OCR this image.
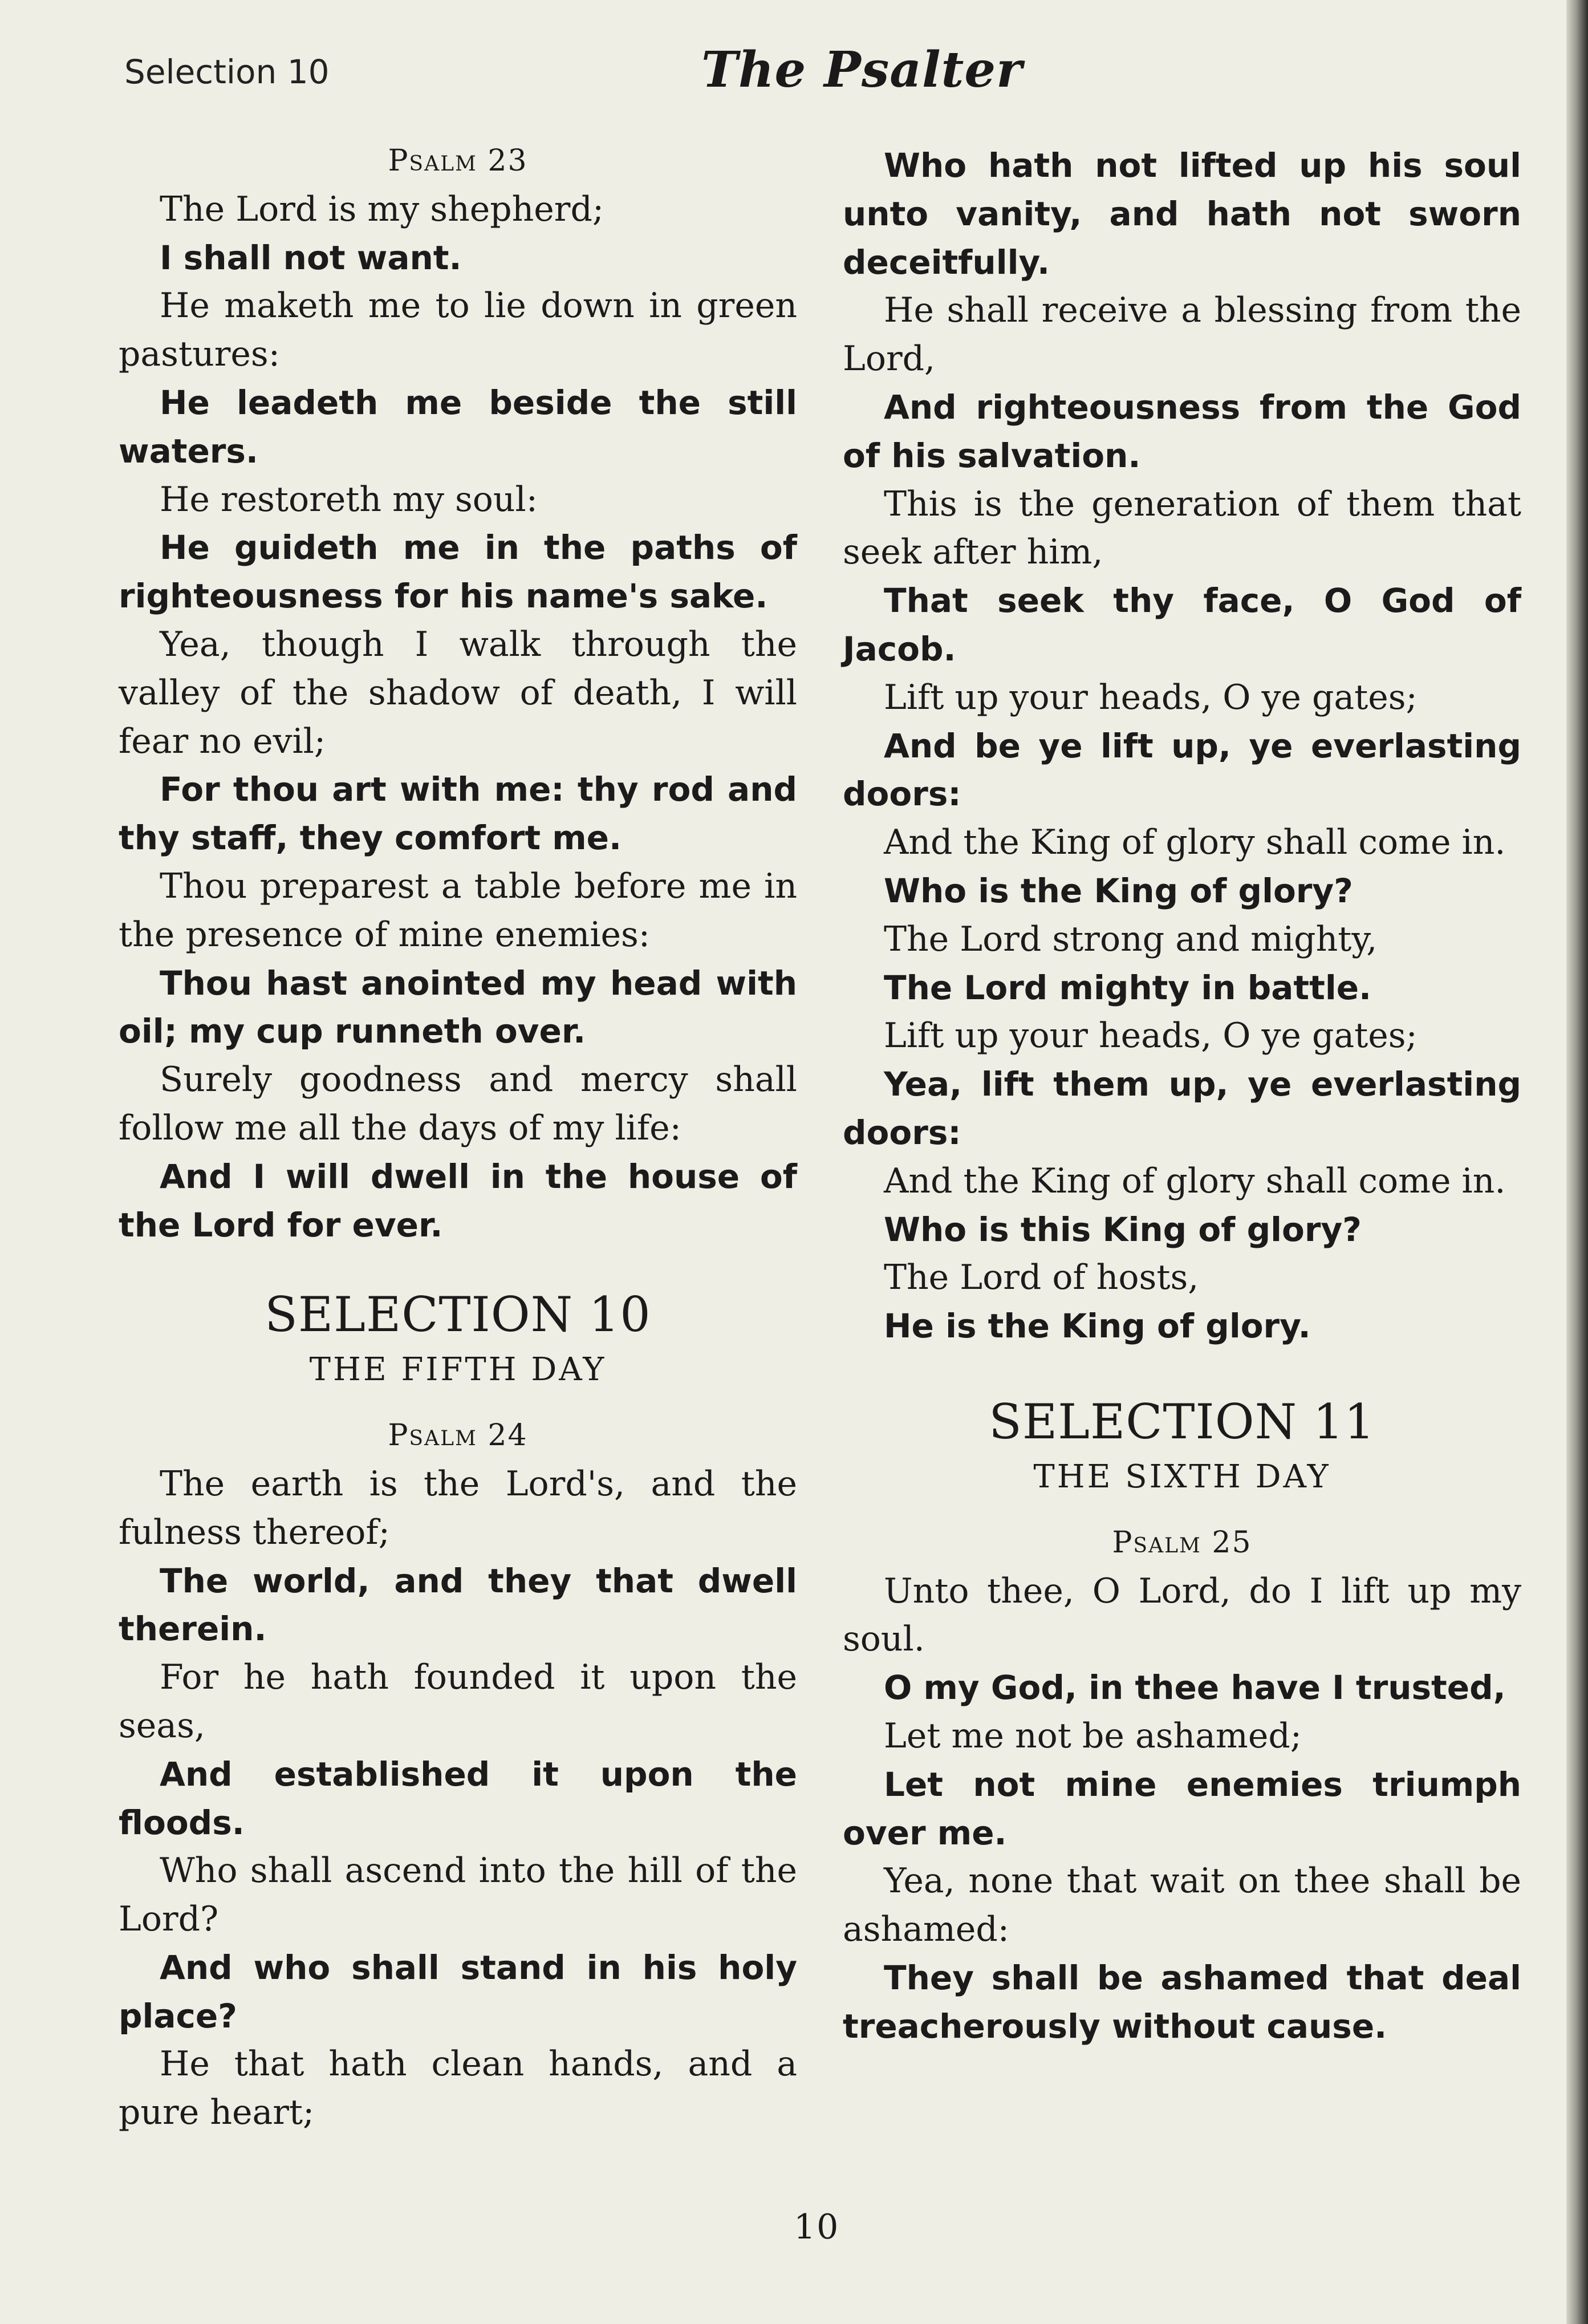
Selection 10	The Psalter
Psalm 23

The Lord is my shepherd;

I shall not want.

He maketh me to lie down in green pastures:

He leadeth me beside the still waters.

He restoreth my soul:

He guideth me in the paths of righteousness for his name's sake.

Yea, though I walk through the valley of the shadow of death, I will fear no evil;

For thou art with me: thy rod and thy staff, they comfort me.

Thou preparest a table before me in the presence of mine enemies:

Thou hast anointed my head with oil; my cup runneth over.

Surely goodness and mercy shall follow me all the days of my life:

And I will dwell in the house of the Lord for ever.

SELECTION 10
THE FIFTH DAY
Psalm 24

The earth is the Lord's, and the fulness thereof;

The world, and they that dwell therein.

For he hath founded it upon the seas,

And established it upon the floods.

Who shall ascend into the hill of the Lord?

And who shall stand in his holy place?

He that hath clean hands, and a pure heart;

Who hath not lifted up his soul unto vanity, and hath not sworn deceitfully.

He shall receive a blessing from the Lord,

And righteousness from the God of his salvation.

This is the generation of them that seek after him,

That seek thy face, O God of Jacob.

Lift up your heads, O ye gates;

And be ye lift up, ye everlasting doors:

And the King of glory shall come in.

Who is the King of glory?

The Lord strong and mighty,

The Lord mighty in battle.

Lift up your heads, O ye gates;

Yea, lift them up, ye everlasting doors:

And the King of glory shall come in.

Who is this King of glory?

The Lord of hosts,

He is the King of glory.

SELECTION 11
THE SIXTH DAY
Psalm 25

Unto thee, O Lord, do I lift up my soul.

O my God, in thee have I trusted,

Let me not be ashamed;

Let not mine enemies triumph over me.

Yea, none that wait on thee shall be ashamed:

They shall be ashamed that deal treacherously without cause.

10
